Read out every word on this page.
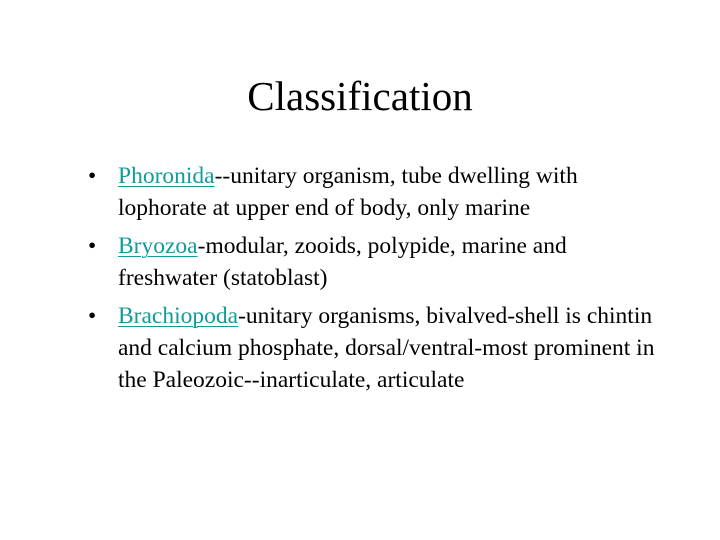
Classification
• Phoronida--unitary organism, tube dwelling with lophorate at upper end of body, only marine
• Bryozoa-modular, zooids, polypide, marine and freshwater (statoblast)
• Brachiopoda-unitary organisms, bivalved-shell is chintin and calcium phosphate, dorsal/ventral-most prominent in the Paleozoic--inarticulate, articulate
